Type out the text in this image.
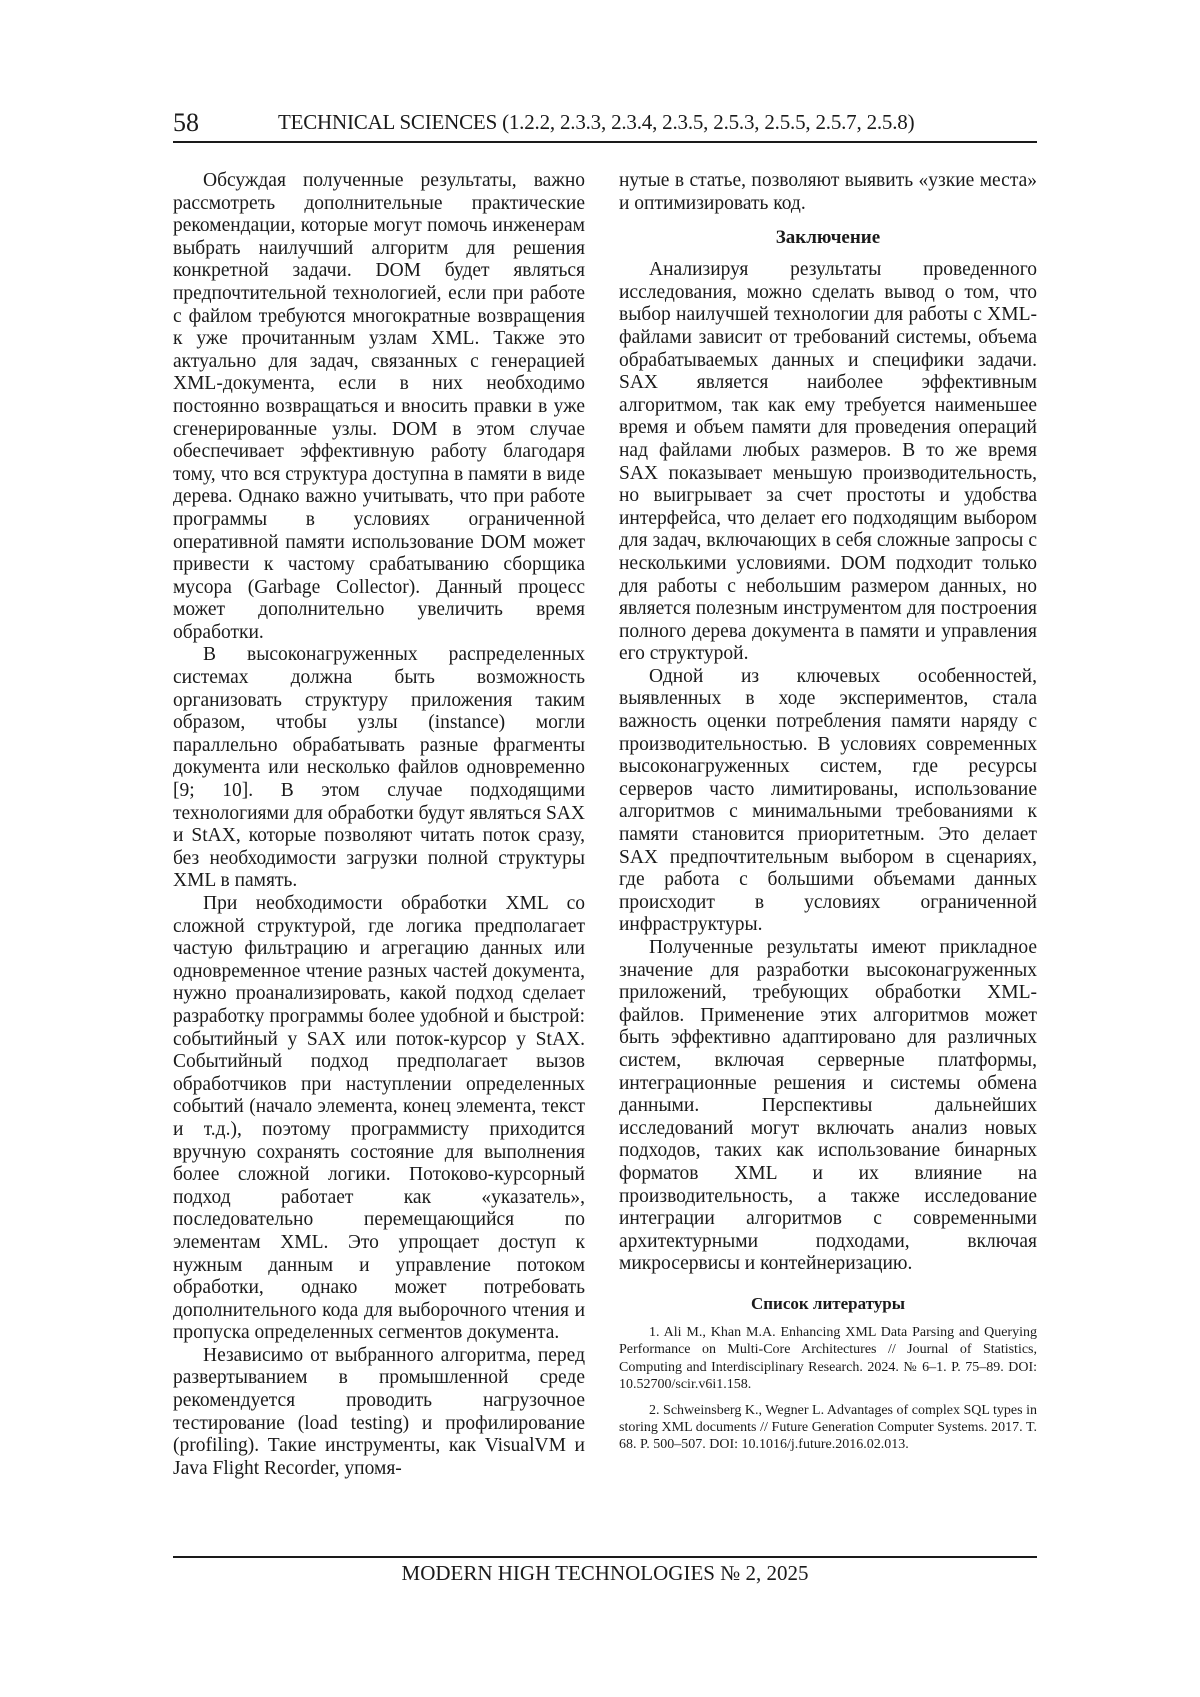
58	TECHNICAL SCIENCES (1.2.2, 2.3.3, 2.3.4, 2.3.5, 2.5.3, 2.5.5, 2.5.7, 2.5.8)

Обсуждая полученные результаты, важно рассмотреть дополнительные практические рекомендации, которые могут помочь инженерам выбрать наилучший алгоритм для решения конкретной задачи. DOM будет являться предпочтительной технологией, если при работе с файлом требуются многократные возвращения к уже прочитанным узлам XML. Также это актуально для задач, связанных с генерацией XML-документа, если в них необходимо постоянно возвращаться и вносить правки в уже сгенерированные узлы. DOM в этом случае обеспечивает эффективную работу благодаря тому, что вся структура доступна в памяти в виде дерева. Однако важно учитывать, что при работе программы в условиях ограниченной оперативной памяти использование DOM может привести к частому срабатыванию сборщика мусора (Garbage Collector). Данный процесс может дополнительно увеличить время обработки.

В высоконагруженных распределенных системах должна быть возможность организовать структуру приложения таким образом, чтобы узлы (instance) могли параллельно обрабатывать разные фрагменты документа или несколько файлов одновременно [9; 10]. В этом случае подходящими технологиями для обработки будут являться SAX и StAX, которые позволяют читать поток сразу, без необходимости загрузки полной структуры XML в память.

При необходимости обработки XML со сложной структурой, где логика предполагает частую фильтрацию и агрегацию данных или одновременное чтение разных частей документа, нужно проанализировать, какой подход сделает разработку программы более удобной и быстрой: событийный у SAX или поток-курсор у StAX. Событийный подход предполагает вызов обработчиков при наступлении определенных событий (начало элемента, конец элемента, текст и т.д.), поэтому программисту приходится вручную сохранять состояние для выполнения более сложной логики. Потоково-курсорный подход работает как «указатель», последовательно перемещающийся по элементам XML. Это упрощает доступ к нужным данным и управление потоком обработки, однако может потребовать дополнительного кода для выборочного чтения и пропуска определенных сегментов документа.

Независимо от выбранного алгоритма, перед развертыванием в промышленной среде рекомендуется проводить нагрузочное тестирование (load testing) и профилирование (profiling). Такие инструменты, как VisualVM и Java Flight Recorder, упомя-

нутые в статье, позволяют выявить «узкие места» и оптимизировать код.

Заключение

Анализируя результаты проведенного исследования, можно сделать вывод о том, что выбор наилучшей технологии для работы с XML-файлами зависит от требований системы, объема обрабатываемых данных и специфики задачи. SAX является наиболее эффективным алгоритмом, так как ему требуется наименьшее время и объем памяти для проведения операций над файлами любых размеров. В то же время SAX показывает меньшую производительность, но выигрывает за счет простоты и удобства интерфейса, что делает его подходящим выбором для задач, включающих в себя сложные запросы с несколькими условиями. DOM подходит только для работы с небольшим размером данных, но является полезным инструментом для построения полного дерева документа в памяти и управления его структурой.

Одной из ключевых особенностей, выявленных в ходе экспериментов, стала важность оценки потребления памяти наряду с производительностью. В условиях современных высоконагруженных систем, где ресурсы серверов часто лимитированы, использование алгоритмов с минимальными требованиями к памяти становится приоритетным. Это делает SAX предпочтительным выбором в сценариях, где работа с большими объемами данных происходит в условиях ограниченной инфраструктуры.

Полученные результаты имеют прикладное значение для разработки высоконагруженных приложений, требующих обработки XML-файлов. Применение этих алгоритмов может быть эффективно адаптировано для различных систем, включая серверные платформы, интеграционные решения и системы обмена данными. Перспективы дальнейших исследований могут включать анализ новых подходов, таких как использование бинарных форматов XML и их влияние на производительность, а также исследование интеграции алгоритмов с современными архитектурными подходами, включая микросервисы и контейнеризацию.

Список литературы
1. Ali M., Khan M.A. Enhancing XML Data Parsing and Querying Performance on Multi-Core Architectures // Journal of Statistics, Computing and Interdisciplinary Research. 2024. № 6–1. P. 75–89. DOI: 10.52700/scir.v6i1.158.
2. Schweinsberg K., Wegner L. Advantages of complex SQL types in storing XML documents // Future Generation Computer Systems. 2017. T. 68. P. 500–507. DOI: 10.1016/j.future.2016.02.013.
MODERN HIGH TECHNOLOGIES № 2, 2025
